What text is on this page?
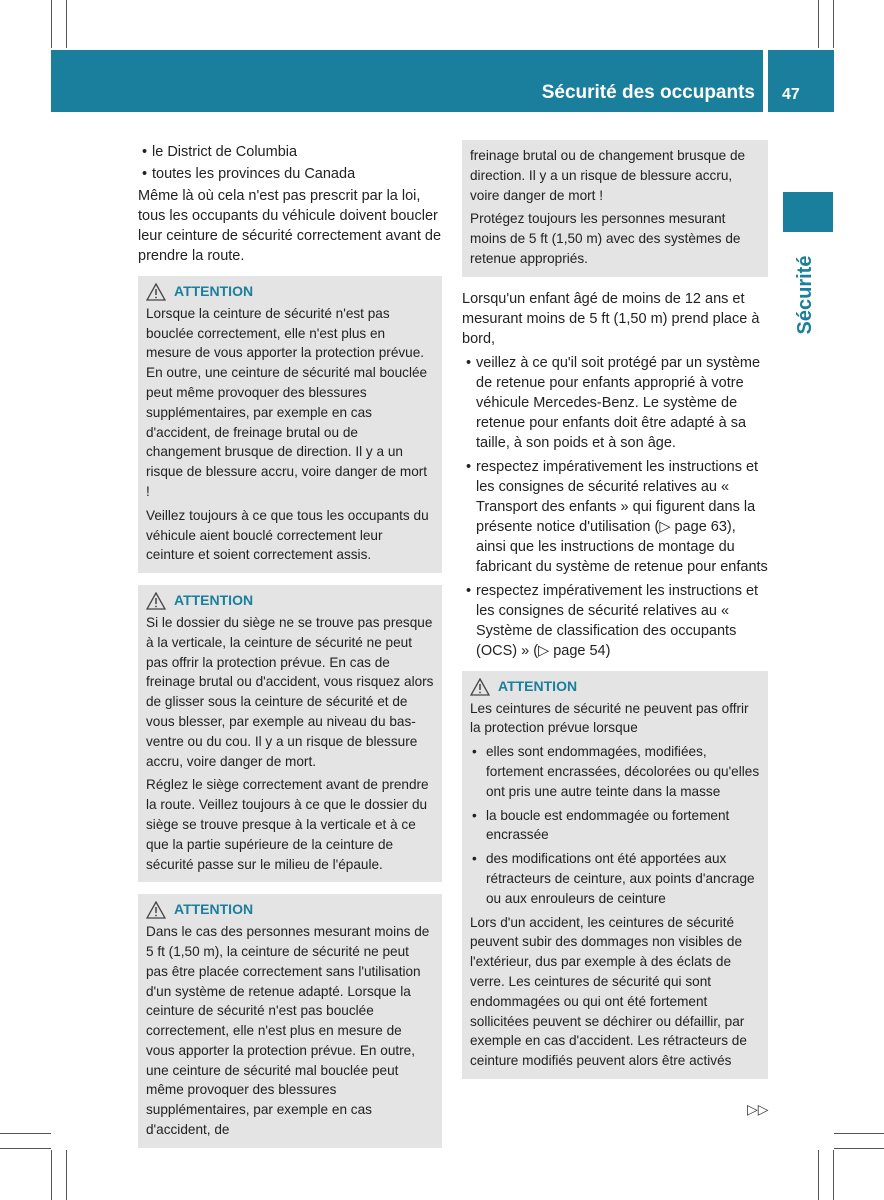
Sécurité des occupants 47
Sécurité
• le District de Columbia
• toutes les provinces du Canada

Même là où cela n'est pas prescrit par la loi, tous les occupants du véhicule doivent boucler leur ceinture de sécurité correctement avant de prendre la route.

ATTENTION

Lorsque la ceinture de sécurité n'est pas bouclée correctement, elle n'est plus en mesure de vous apporter la protection prévue. En outre, une ceinture de sécurité mal bouclée peut même provoquer des blessures supplémentaires, par exemple en cas d'accident, de freinage brutal ou de changement brusque de direction. Il y a un risque de blessure accru, voire danger de mort !

Veillez toujours à ce que tous les occupants du véhicule aient bouclé correctement leur ceinture et soient correctement assis.

ATTENTION

Si le dossier du siège ne se trouve pas presque à la verticale, la ceinture de sécurité ne peut pas offrir la protection prévue. En cas de freinage brutal ou d'accident, vous risquez alors de glisser sous la ceinture de sécurité et de vous blesser, par exemple au niveau du bas-ventre ou du cou. Il y a un risque de blessure accru, voire danger de mort.

Réglez le siège correctement avant de prendre la route. Veillez toujours à ce que le dossier du siège se trouve presque à la verticale et à ce que la partie supérieure de la ceinture de sécurité passe sur le milieu de l'épaule.

ATTENTION

Dans le cas des personnes mesurant moins de 5 ft (1,50 m), la ceinture de sécurité ne peut pas être placée correctement sans l'utilisation d'un système de retenue adapté. Lorsque la ceinture de sécurité n'est pas bouclée correctement, elle n'est plus en mesure de vous apporter la protection prévue. En outre, une ceinture de sécurité mal bouclée peut même provoquer des blessures supplémentaires, par exemple en cas d'accident, de

freinage brutal ou de changement brusque de direction. Il y a un risque de blessure accru, voire danger de mort !

Protégez toujours les personnes mesurant moins de 5 ft (1,50 m) avec des systèmes de retenue appropriés.

Lorsqu'un enfant âgé de moins de 12 ans et mesurant moins de 5 ft (1,50 m) prend place à bord,

• veillez à ce qu'il soit protégé par un système de retenue pour enfants approprié à votre véhicule Mercedes-Benz. Le système de retenue pour enfants doit être adapté à sa taille, à son poids et à son âge.
• respectez impérativement les instructions et les consignes de sécurité relatives au « Transport des enfants » qui figurent dans la présente notice d'utilisation (▷ page 63), ainsi que les instructions de montage du fabricant du système de retenue pour enfants
• respectez impérativement les instructions et les consignes de sécurité relatives au « Système de classification des occupants (OCS) » (▷ page 54)
ATTENTION

Les ceintures de sécurité ne peuvent pas offrir la protection prévue lorsque

• elles sont endommagées, modifiées, fortement encrassées, décolorées ou qu'elles ont pris une autre teinte dans la masse
• la boucle est endommagée ou fortement encrassée
• des modifications ont été apportées aux rétracteurs de ceinture, aux points d'ancrage ou aux enrouleurs de ceinture

Lors d'un accident, les ceintures de sécurité peuvent subir des dommages non visibles de l'extérieur, dus par exemple à des éclats de verre. Les ceintures de sécurité qui sont endommagées ou qui ont été fortement sollicitées peuvent se déchirer ou défaillir, par exemple en cas d'accident. Les rétracteurs de ceinture modifiés peuvent alors être activés

▷▷
